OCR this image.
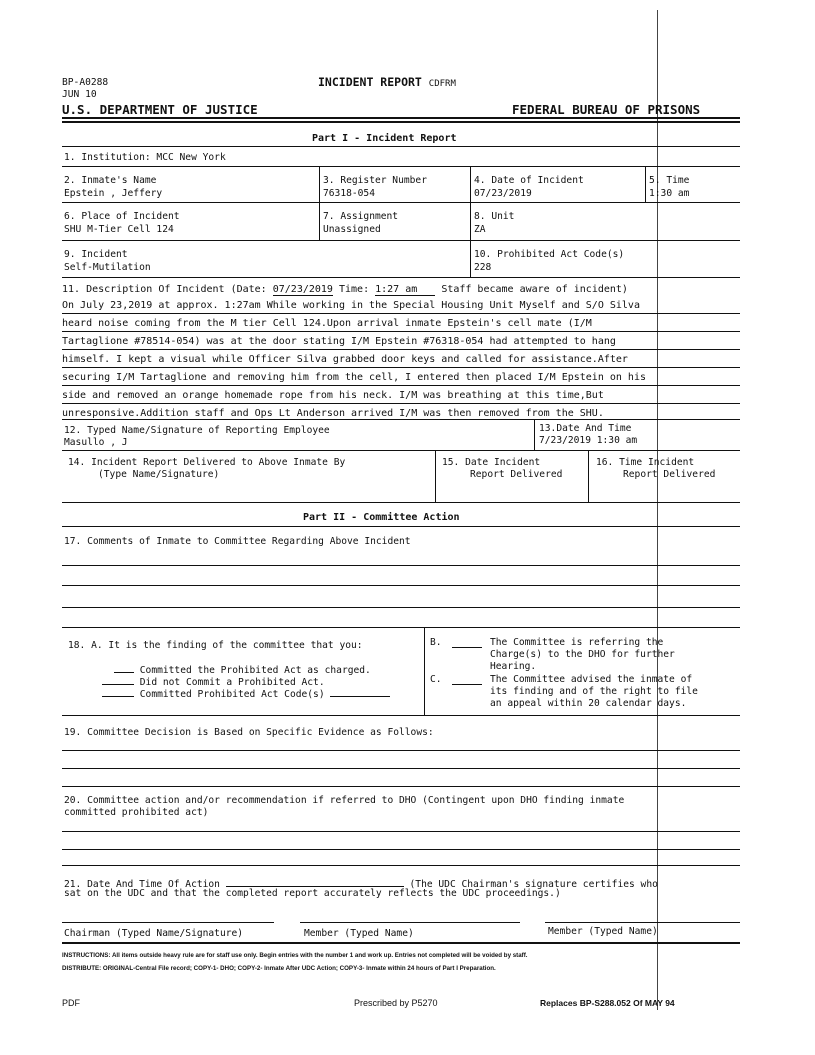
BP-A0288
JUN 10
INCIDENT REPORT CDFRM
U.S. DEPARTMENT OF JUSTICE	FEDERAL BUREAU OF PRISONS
Part I - Incident Report
1. Institution: MCC New York
2. Inmate's Name
Epstein , Jeffery
3. Register Number
76318-054
4. Date of Incident
07/23/2019
5. Time
1:30 am
6. Place of Incident
SHU M-Tier Cell 124
7. Assignment
Unassigned
8. Unit
ZA
9. Incident
Self-Mutilation
10. Prohibited Act Code(s)
228
11. Description Of Incident (Date: 07/23/2019 Time: 1:27 am Staff became aware of incident)
On July 23,2019 at approx. 1:27am While working in the Special Housing Unit Myself and S/O Silva
heard noise coming from the M tier Cell 124.Upon arrival inmate Epstein's cell mate (I/M
Tartaglione #78514-054) was at the door stating I/M Epstein #76318-054 had attempted to hang
himself. I kept a visual while Officer Silva grabbed door keys and called for assistance.After
securing I/M Tartaglione and removing him from the cell, I entered then placed I/M Epstein on his
side and removed an orange homemade rope from his neck. I/M was breathing at this time,But
unresponsive.Addition staff and Ops Lt Anderson arrived I/M was then removed from the SHU.
12. Typed Name/Signature of Reporting Employee
Masullo , J
13.Date And Time
7/23/2019 1:30 am
14. Incident Report Delivered to Above Inmate By
(Type Name/Signature)
15. Date Incident
Report Delivered
16. Time Incident
Report Delivered
Part II - Committee Action
17. Comments of Inmate to Committee Regarding Above Incident
18. A. It is the finding of the committee that you:
Committed the Prohibited Act as charged.
Did not Commit a Prohibited Act.
Committed Prohibited Act Code(s)
B.	The Committee is referring the
Charge(s) to the DHO for further
Hearing.
C.	The Committee advised the inmate of
its finding and of the right to file
an appeal within 20 calendar days.
19. Committee Decision is Based on Specific Evidence as Follows:
20. Committee action and/or recommendation if referred to DHO (Contingent upon DHO finding inmate
committed prohibited act)
21. Date And Time Of Action	(The UDC Chairman's signature certifies who
sat on the UDC and that the completed report accurately reflects the UDC proceedings.)
Chairman (Typed Name/Signature)	Member (Typed Name)	Member (Typed Name)
INSTRUCTIONS: All items outside heavy rule are for staff use only. Begin entries with the number 1 and work up. Entries not completed will be voided by staff.
DISTRIBUTE: ORIGINAL-Central File record; COPY-1- DHO; COPY-2- Inmate After UDC Action; COPY-3- Inmate within 24 hours of Part I Preparation.
PDF	Prescribed by P5270	Replaces BP-S288.052 Of MAY 94
